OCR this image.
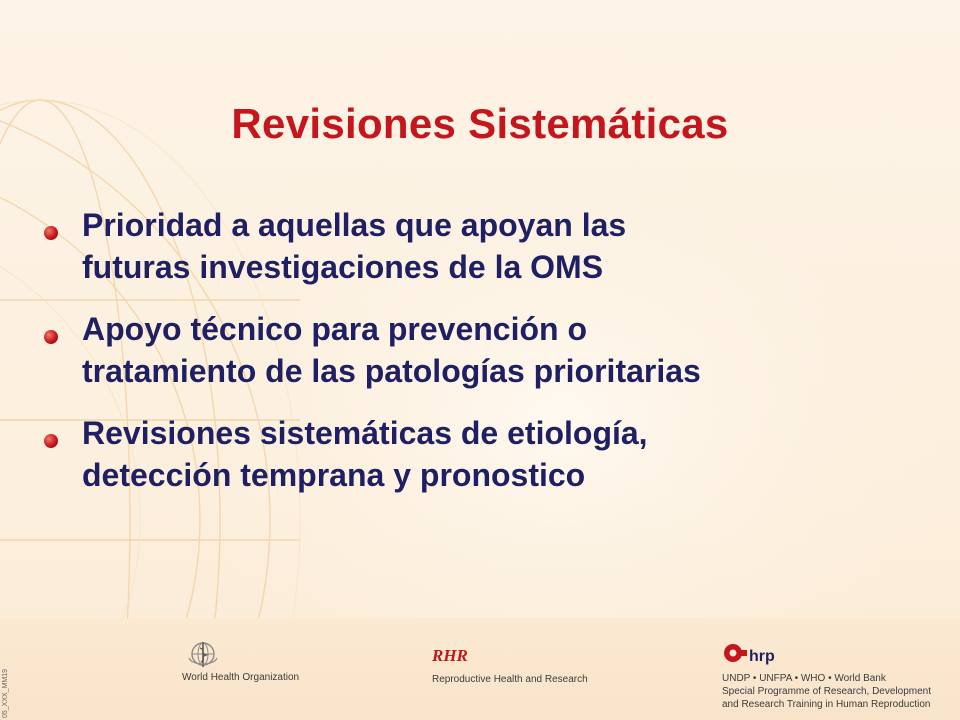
Revisiones Sistemáticas
Prioridad a aquellas que apoyan las
futuras investigaciones de la OMS
Apoyo técnico para prevención o
tratamiento de las patologías prioritarias
Revisiones sistemáticas de etiología,
detección temprana y pronostico
05_XXX_MM19	World Health Organization
RHR
Reproductive Health and Research
hrp
UNDP • UNFPA • WHO • World Bank
Special Programme of Research, Development
and Research Training in Human Reproduction
